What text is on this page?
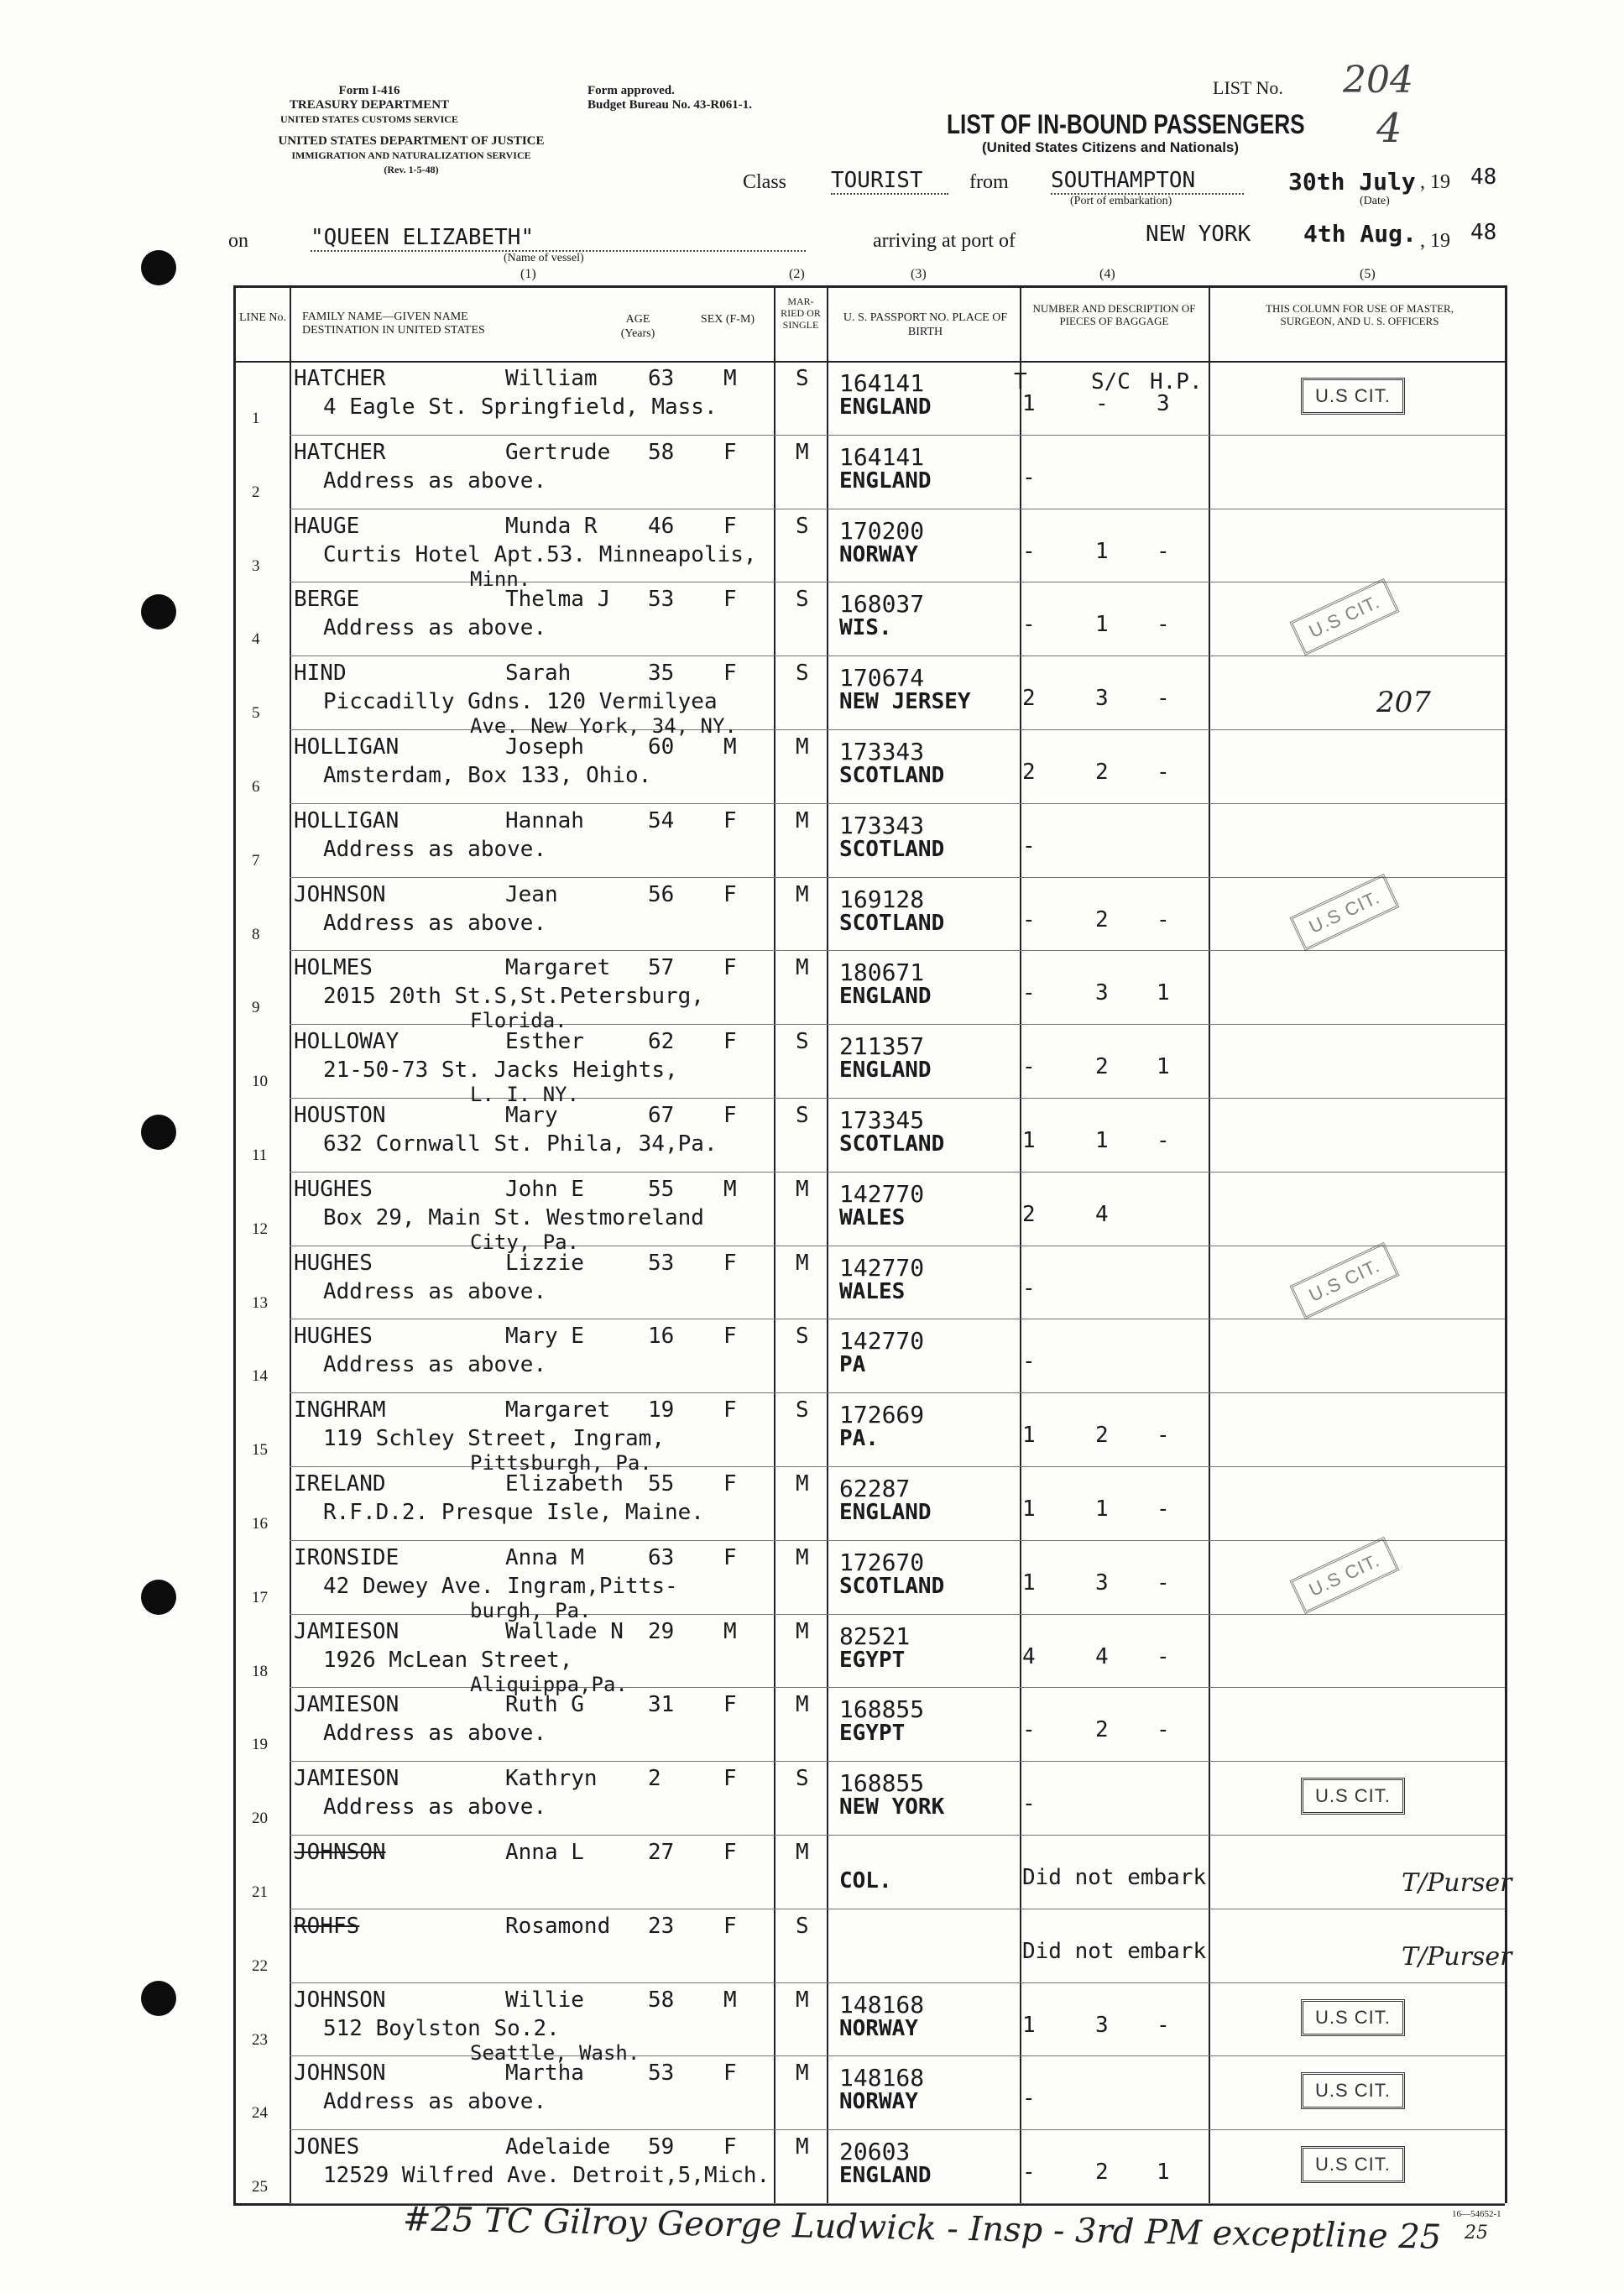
Form I-416
TREASURY DEPARTMENT
UNITED STATES CUSTOMS SERVICE
UNITED STATES DEPARTMENT OF JUSTICE
IMMIGRATION AND NATURALIZATION SERVICE
(Rev. 1-5-48)
Form approved.
Budget Bureau No. 43-R061-1.
LIST No. 204
4
LIST OF IN-BOUND PASSENGERS
(United States Citizens and Nationals)
Class TOURIST	from SOUTHAMPTON
(Port of embarkation)
30th July
(Date)
, 19 48
on	"QUEEN ELIZABETH"
(Name of vessel)
arriving at port of	NEW YORK 4th Aug. , 19 48
(1)	(2)	(3)	(4)	(5)
LINE No. FAMILY NAME—GIVEN NAME DESTINATION IN UNITED STATES
AGE (Years)
SEX (F-M)
MAR-RIED OR SINGLE
U. S. PASSPORT NO. PLACE OF BIRTH
NUMBER AND DESCRIPTION OF PIECES OF BAGGAGE
THIS COLUMN FOR USE OF MASTER, SURGEON, AND U. S. OFFICERS
T	S/C H.P.
1
HATCHER	William 63 M	S
4 Eagle St. Springfield, Mass.
164141
ENGLAND	1	- 3	U.S CIT.
2
HATCHER	Gertrude 58 F	M
Address as above.
164141
ENGLAND	-
3
HAUGE	Munda R 46 F	S
Curtis Hotel Apt.53. Minneapolis,
Minn.
170200
NORWAY	-	1 -
4
BERGE	Thelma J 53 F	S
Address as above.
168037
WIS.	-	1 -	U.S CIT.
5
HIND	Sarah	35 F	S
Piccadilly Gdns. 120 Vermilyea
Ave. New York, 34, NY.
170674
NEW JERSEY 2	3 -	207
6
HOLLIGAN	Joseph	60 M	M
Amsterdam, Box 133, Ohio.
173343
SCOTLAND	2	2 -
7
HOLLIGAN	Hannah	54 F	M
Address as above.
173343
SCOTLAND	-
8
JOHNSON	Jean	56 F	M
Address as above.
169128
SCOTLAND	-	2 -	U.S CIT.
9
HOLMES	Margaret 57 F	M
2015 20th St.S,St.Petersburg,
Florida.
180671
ENGLAND	-	3 1
10
HOLLOWAY	Esther	62 F	S
21-50-73 St. Jacks Heights,
L. I. NY.
211357
ENGLAND	-	2 1
11
HOUSTON	Mary	67 F	S
632 Cornwall St. Phila, 34,Pa.
173345
SCOTLAND	1	1 -
12
HUGHES	John E	55 M	M
Box 29, Main St. Westmoreland
City, Pa.
142770
WALES	2	4
13
HUGHES	Lizzie	53 F	M
Address as above.
142770
WALES	-	U.S CIT.
14
HUGHES	Mary E	16 F	S
Address as above.
142770
PA	-
15
INGHRAM	Margaret 19 F	S
119 Schley Street, Ingram,
Pittsburgh, Pa.
172669
PA.	1	2 -
16
IRELAND	Elizabeth 55 F	M
R.F.D.2. Presque Isle, Maine.
62287
ENGLAND	1	1 -
17
IRONSIDE	Anna M	63 F	M
42 Dewey Ave. Ingram,Pitts-
burgh, Pa.
172670
SCOTLAND	1	3 -	U.S CIT.
18
JAMIESON	Wallade N 29 M	M
1926 McLean Street,
Aliquippa,Pa.
82521
EGYPT	4	4 -
19
JAMIESON	Ruth G	31 F	M
Address as above.
168855
EGYPT	-	2 -
20
JAMIESON	Kathryn 2	F	S
Address as above.
168855
NEW YORK	-	U.S CIT.
21
JOHNSON	Anna L	27 F	M
COL.	Did not embark	T/Purser
22
ROHFS	Rosamond 23 F	S
Did not embark	T/Purser
23
JOHNSON	Willie	58 M	M
512 Boylston So.2.
Seattle, Wash.
148168
NORWAY	1	3 -	U.S CIT.
24
JOHNSON	Martha	53 F	M
Address as above.
148168
NORWAY	-	U.S CIT.
25
JONES	Adelaide 59 F	M
12529 Wilfred Ave. Detroit,5,Mich.
20603
ENGLAND	-	2 1	U.S CIT.
#25 TC Gilroy George Ludwick - Insp - 3rd PM exceptline 25 16—54652-1
25
